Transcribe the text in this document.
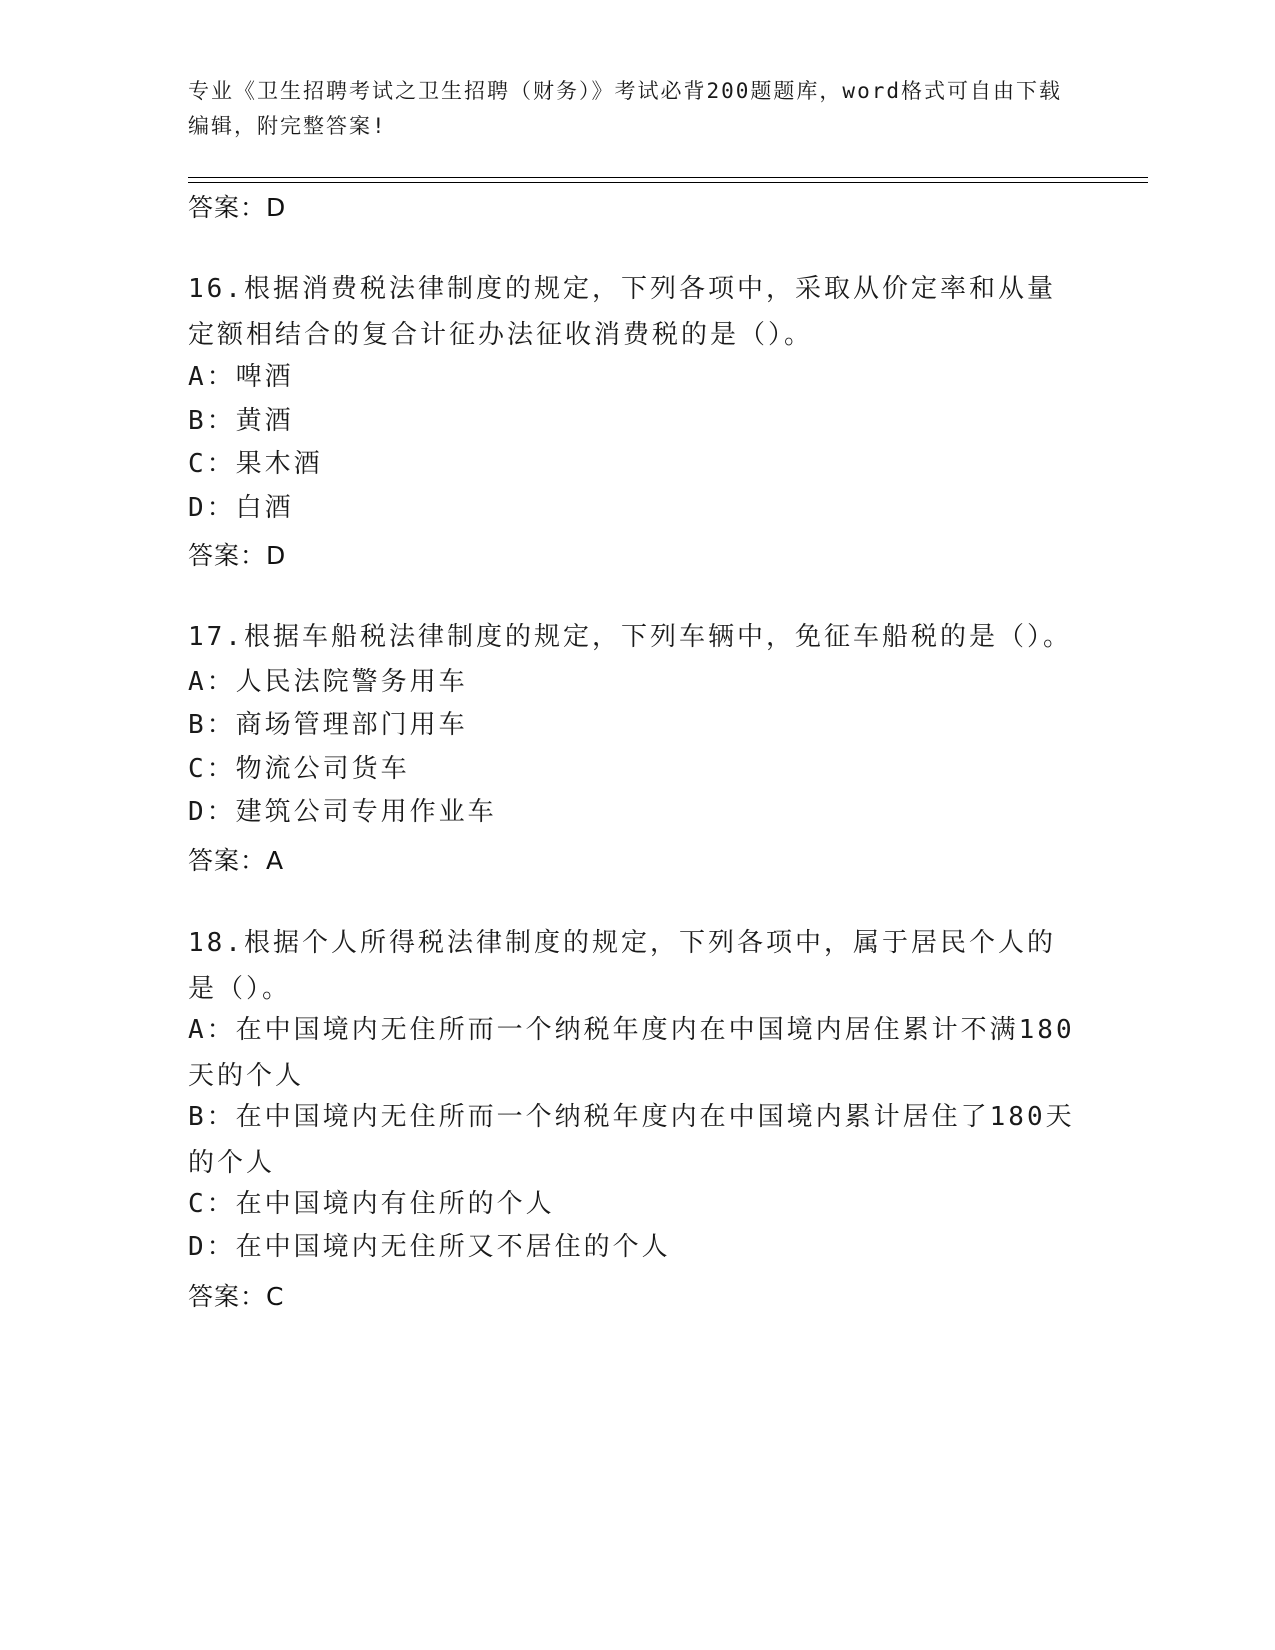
专业《卫生招聘考试之卫生招聘（财务）》考试必背200题题库，word格式可自由下载编辑，附完整答案!
答案：D
16.根据消费税法律制度的规定，下列各项中，采取从价定率和从量定额相结合的复合计征办法征收消费税的是（）。
A：啤酒
B：黄酒
C：果木酒
D：白酒
答案：D
17.根据车船税法律制度的规定，下列车辆中，免征车船税的是（）。
A：人民法院警务用车
B：商场管理部门用车
C：物流公司货车
D：建筑公司专用作业车
答案：A
18.根据个人所得税法律制度的规定，下列各项中，属于居民个人的是（）。
A：在中国境内无住所而一个纳税年度内在中国境内居住累计不满180天的个人
B：在中国境内无住所而一个纳税年度内在中国境内累计居住了180天的个人
C：在中国境内有住所的个人
D：在中国境内无住所又不居住的个人
答案：C
